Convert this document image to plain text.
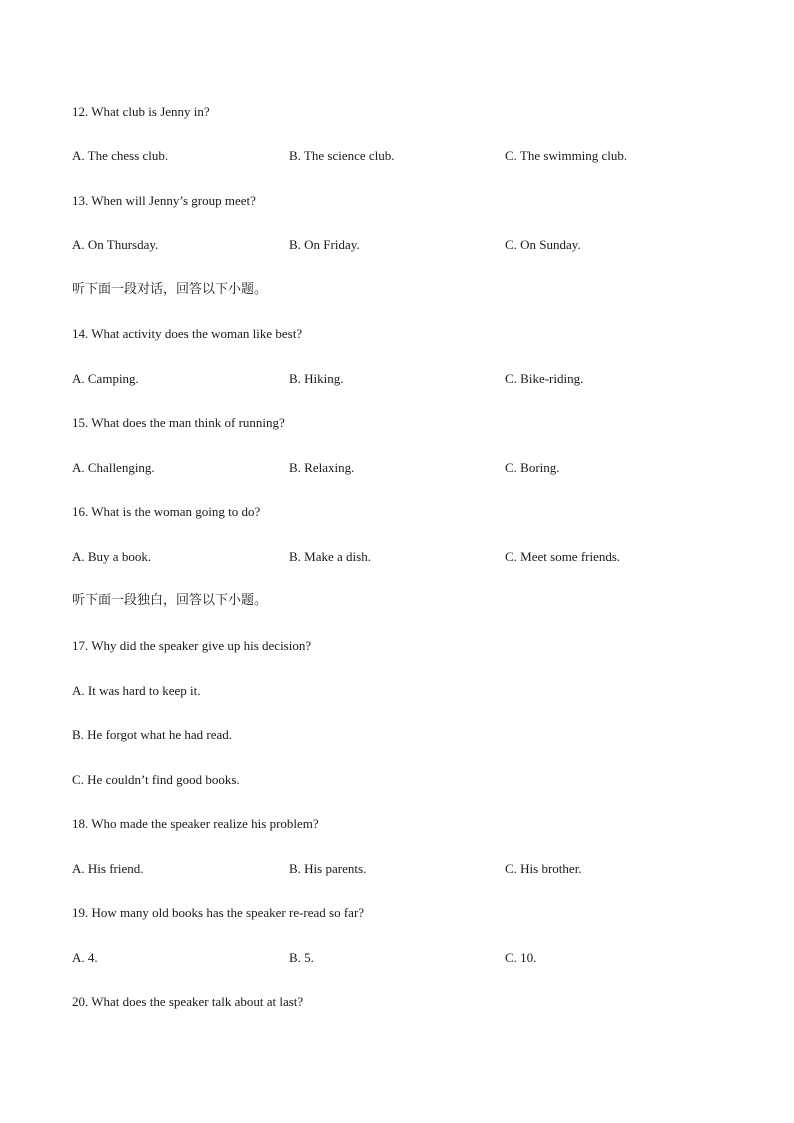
12. What club is Jenny in?
A. The chess club.	B. The science club.	C. The swimming club.
13. When will Jenny’s group meet?
A. On Thursday.	B. On Friday.	C. On Sunday.
听下面一段对话，回答以下小题。
14. What activity does the woman like best?
A. Camping.	B. Hiking.	C. Bike-riding.
15. What does the man think of running?
A. Challenging.	B. Relaxing.	C. Boring.
16. What is the woman going to do?
A. Buy a book.	B. Make a dish.	C. Meet some friends.
听下面一段独白，回答以下小题。
17. Why did the speaker give up his decision?
A. It was hard to keep it.
B. He forgot what he had read.
C. He couldn’t find good books.
18. Who made the speaker realize his problem?
A. His friend.	B. His parents.	C. His brother.
19. How many old books has the speaker re-read so far?
A. 4.	B. 5.	C. 10.
20. What does the speaker talk about at last?
